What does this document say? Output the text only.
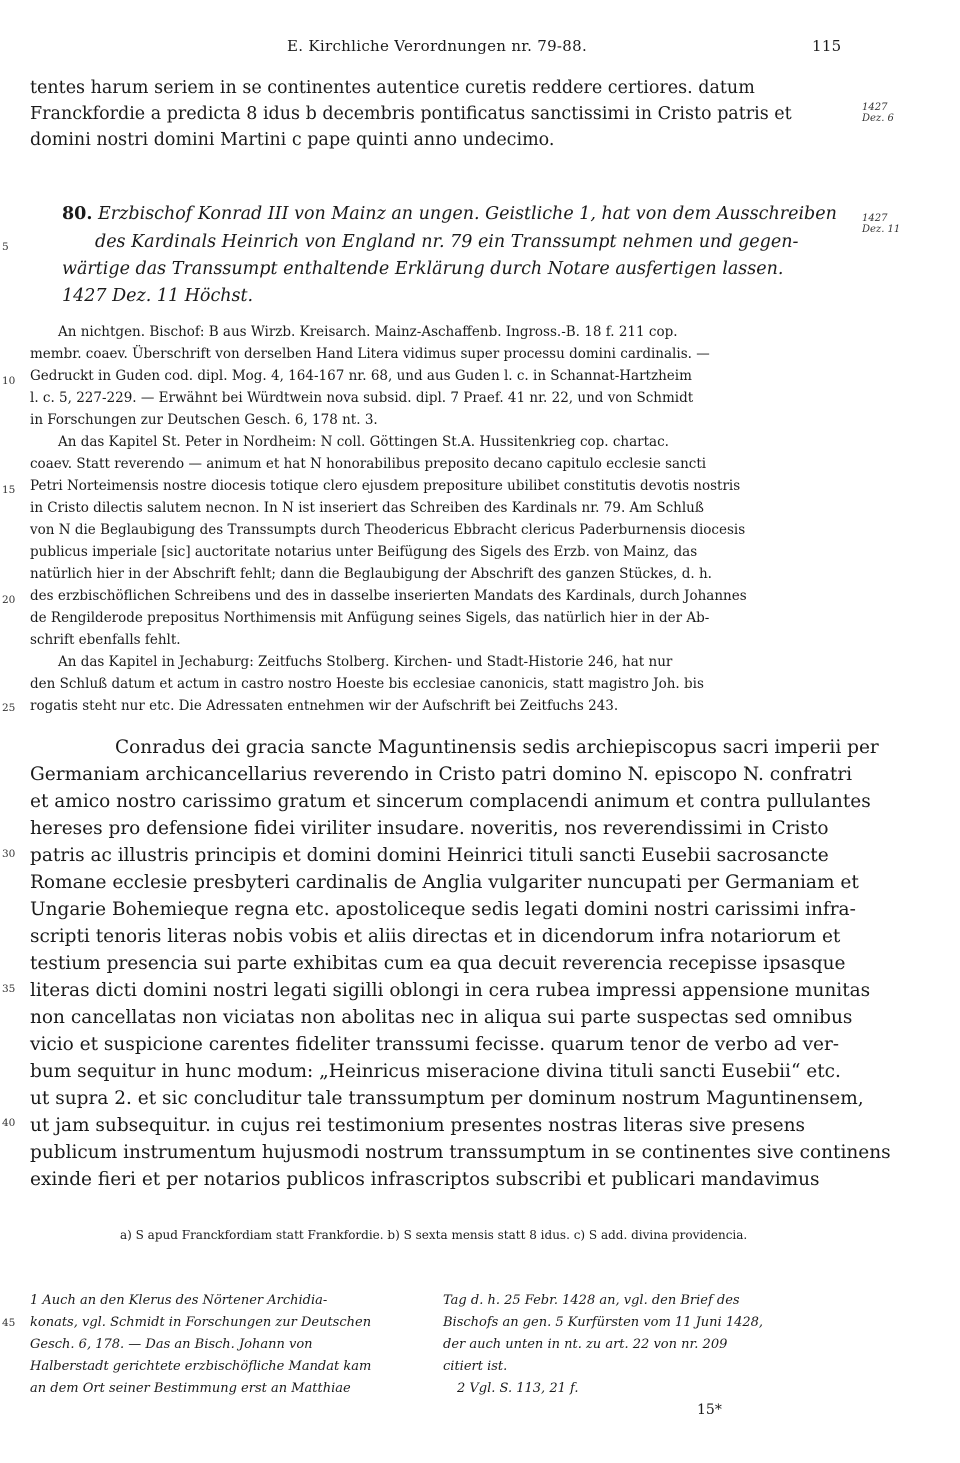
E. Kirchliche Verordnungen nr. 79-88.	115
tentes harum seriem in se continentes autentice curetis reddere certiores. datum
Franckfordie a predicta 8 idus b decembris pontificatus sanctissimi in Cristo patris et
domini nostri domini Martini c pape quinti anno undecimo.
1427
Dez. 6
80. Erzbischof Konrad III von Mainz an ungen. Geistliche 1, hat von dem Ausschreiben
des Kardinals Heinrich von England nr. 79 ein Transsumpt nehmen und gegen-
wärtige das Transsumpt enthaltende Erklärung durch Notare ausfertigen lassen.
1427 Dez. 11 Höchst.
1427
Dez. 11
An nichtgen. Bischof: B aus Wirzb. Kreisarch. Mainz-Aschaffenb. Ingross.-B. 18 f. 211 cop.
membr. coaev. Überschrift von derselben Hand Litera vidimus super processu domini cardinalis. —
Gedruckt in Guden cod. dipl. Mog. 4, 164-167 nr. 68, und aus Guden l. c. in Schannat-Hartzheim
l. c. 5, 227-229. — Erwähnt bei Würdtwein nova subsid. dipl. 7 Praef. 41 nr. 22, und von Schmidt
in Forschungen zur Deutschen Gesch. 6, 178 nt. 3.
An das Kapitel St. Peter in Nordheim: N coll. Göttingen St.A. Hussitenkrieg cop. chartac.
coaev. Statt reverendo — animum et hat N honorabilibus preposito decano capitulo ecclesie sancti
Petri Norteimensis nostre diocesis totique clero ejusdem prepositure ubilibet constitutis devotis nostris
in Cristo dilectis salutem necnon. In N ist inseriert das Schreiben des Kardinals nr. 79. Am Schluß
von N die Beglaubigung des Transsumpts durch Theodericus Ebbracht clericus Paderburnensis diocesis
publicus imperiale [sic] auctoritate notarius unter Beifügung des Sigels des Erzb. von Mainz, das
natürlich hier in der Abschrift fehlt; dann die Beglaubigung der Abschrift des ganzen Stückes, d. h.
des erzbischöflichen Schreibens und des in dasselbe inserierten Mandats des Kardinals, durch Johannes
de Rengilderode prepositus Northimensis mit Anfügung seines Sigels, das natürlich hier in der Ab-
schrift ebenfalls fehlt.
An das Kapitel in Jechaburg: Zeitfuchs Stolberg. Kirchen- und Stadt-Historie 246, hat nur
den Schluß datum et actum in castro nostro Hoeste bis ecclesiae canonicis, statt magistro Joh. bis
rogatis steht nur etc. Die Adressaten entnehmen wir der Aufschrift bei Zeitfuchs 243.
Conradus dei gracia sancte Maguntinensis sedis archiepiscopus sacri imperii per
Germaniam archicancellarius reverendo in Cristo patri domino N. episcopo N. confratri
et amico nostro carissimo gratum et sincerum complacendi animum et contra pullulantes
hereses pro defensione fidei viriliter insudare. noveritis, nos reverendissimi in Cristo
patris ac illustris principis et domini domini Heinrici tituli sancti Eusebii sacrosancte
Romane ecclesie presbyteri cardinalis de Anglia vulgariter nuncupati per Germaniam et
Ungarie Bohemieque regna etc. apostoliceque sedis legati domini nostri carissimi infra-
scripti tenoris literas nobis vobis et aliis directas et in dicendorum infra notariorum et
testium presencia sui parte exhibitas cum ea qua decuit reverencia recepisse ipsasque
literas dicti domini nostri legati sigilli oblongi in cera rubea impressi appensione munitas
non cancellatas non viciatas non abolitas nec in aliqua sui parte suspectas sed omnibus
vicio et suspicione carentes fideliter transsumi fecisse. quarum tenor de verbo ad ver-
bum sequitur in hunc modum: „Heinricus miseracione divina tituli sancti Eusebii“ etc.
ut supra 2. et sic concluditur tale transsumptum per dominum nostrum Maguntinensem,
ut jam subsequitur. in cujus rei testimonium presentes nostras literas sive presens
publicum instrumentum hujusmodi nostrum transsumptum in se continentes sive continens
exinde fieri et per notarios publicos infrascriptos subscribi et publicari mandavimus
a) S apud Franckfordiam statt Frankfordie. b) S sexta mensis statt 8 idus. c) S add. divina providencia.
1 Auch an den Klerus des Nörtener Archidia-
konats, vgl. Schmidt in Forschungen zur Deutschen
Gesch. 6, 178. — Das an Bisch. Johann von
Halberstadt gerichtete erzbischöfliche Mandat kam
an dem Ort seiner Bestimmung erst an Matthiae
Tag d. h. 25 Febr. 1428 an, vgl. den Brief des
Bischofs an gen. 5 Kurfürsten vom 11 Juni 1428,
der auch unten in nt. zu art. 22 von nr. 209
citiert ist.
2 Vgl. S. 113, 21 f.
15*
5
10
15
20
25
30
35
40
45
